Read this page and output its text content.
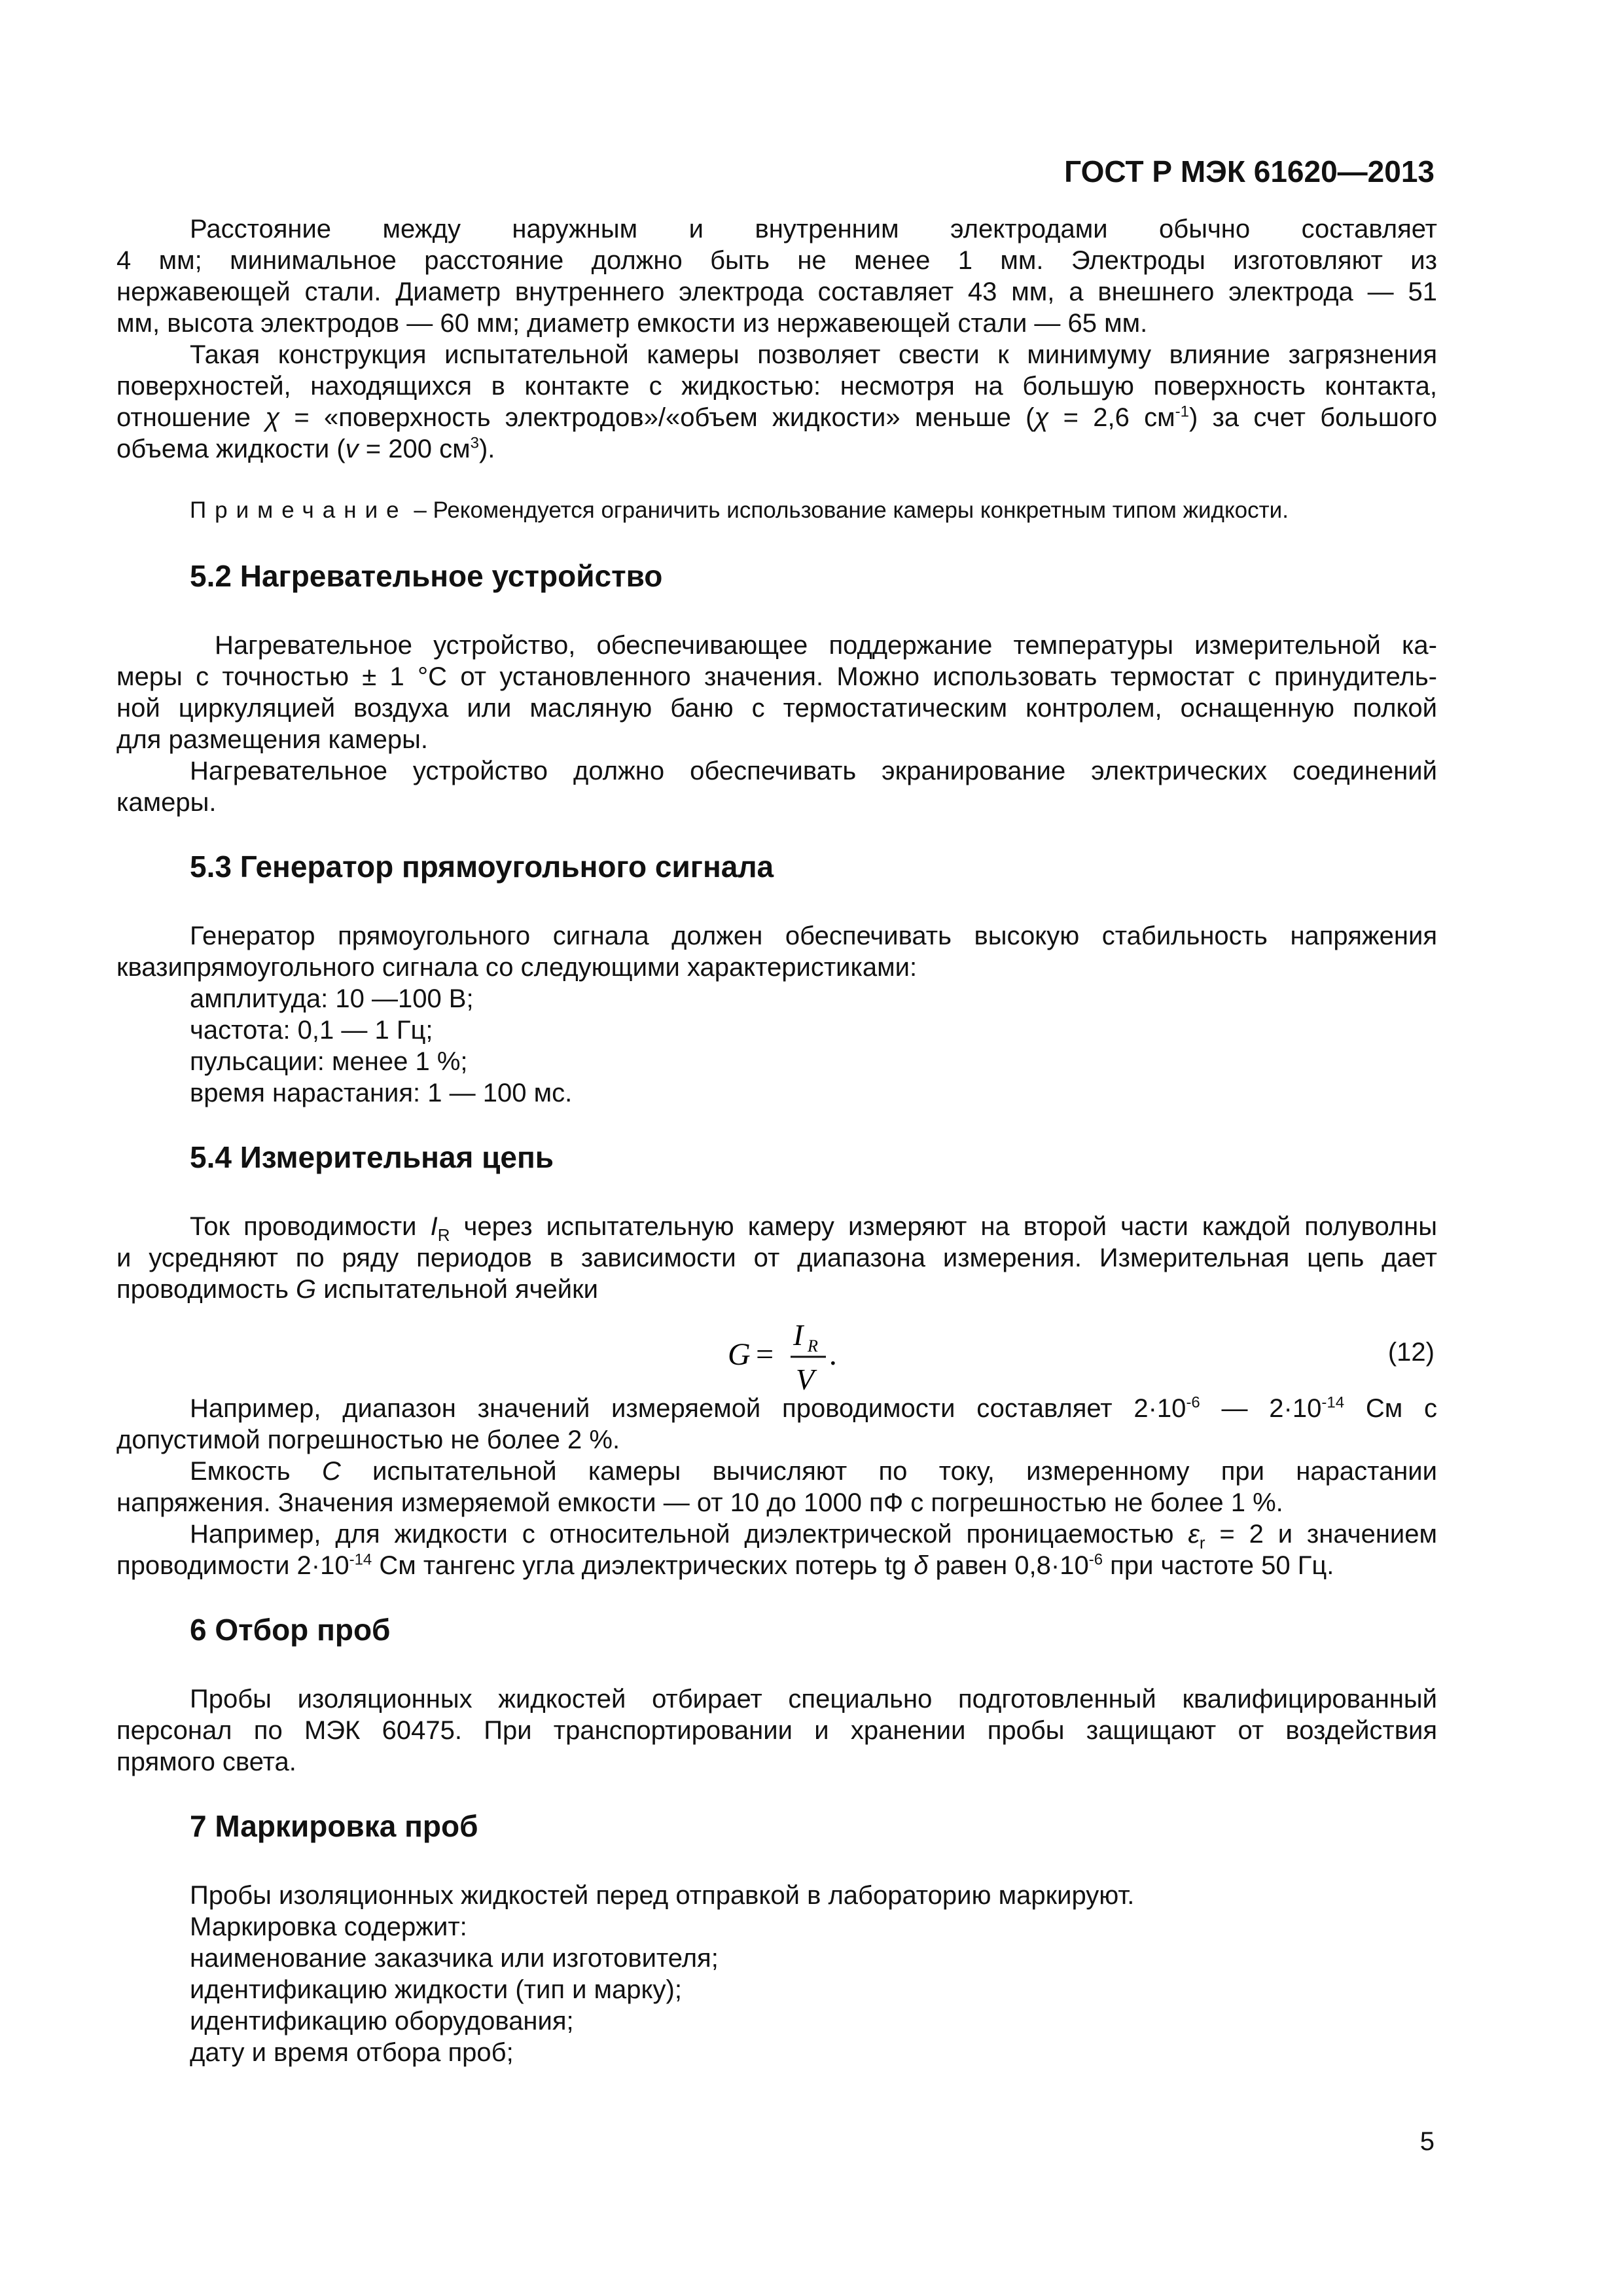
ГОСТ Р МЭК 61620—2013
Расстояние между наружным и внутренним электродами обычно составляет
4 мм; минимальное расстояние должно быть не менее 1 мм. Электроды изготовляют из
нержавеющей стали. Диаметр внутреннего электрода составляет 43 мм, а внешнего электрода — 51
мм, высота электродов — 60 мм; диаметр емкости из нержавеющей стали — 65 мм.
Такая конструкция испытательной камеры позволяет свести к минимуму влияние загрязнения
поверхностей, находящихся в контакте с жидкостью: несмотря на большую поверхность контакта,
отношение χ = «поверхность электродов»/«объем жидкости» меньше (χ = 2,6 $см^{-1}$) за счет большого
объема жидкости (v = 200 $см^3$).
Примечание – Рекомендуется ограничить использование камеры конкретным типом жидкости.
5.2 Нагревательное устройство
Нагревательное устройство, обеспечивающее поддержание температуры измерительной ка-
меры с точностью ± 1 °С от установленного значения. Можно использовать термостат с принудитель-
ной циркуляцией воздуха или масляную баню с термостатическим контролем, оснащенную полкой
для размещения камеры.
Нагревательное устройство должно обеспечивать экранирование электрических соединений
камеры.
5.3 Генератор прямоугольного сигнала
Генератор прямоугольного сигнала должен обеспечивать высокую стабильность напряжения
квазипрямоугольного сигнала со следующими характеристиками:
амплитуда: 10 —100 В;
частота: 0,1 — 1 Гц;
пульсации: менее 1 %;
время нарастания: 1 — 100 мс.
5.4 Измерительная цепь
Ток проводимости $I_R$ через испытательную камеру измеряют на второй части каждой полуволны
и усредняют по ряду периодов в зависимости от диапазона измерения. Измерительная цепь дает
проводимость G испытательной ячейки
G =
I R
V
.	(12)
Например, диапазон значений измеряемой проводимости составляет $2\cdot 10^{-6}$ — $2\cdot 10^{-14}$ См с
допустимой погрешностью не более 2 %.
Емкость С испытательной камеры вычисляют по току, измеренному при нарастании
напряжения. Значения измеряемой емкости — от 10 до 1000 пФ с погрешностью не более 1 %.
Например, для жидкости с относительной диэлектрической проницаемостью $\varepsilon_r = 2$ и значением
проводимости $2\cdot 10^{-14}$ См тангенс угла диэлектрических потерь tg δ равен $0,8\cdot 10^{-6}$ при частоте 50 Гц.
6 Отбор проб
Пробы изоляционных жидкостей отбирает специально подготовленный квалифицированный
персонал по МЭК 60475. При транспортировании и хранении пробы защищают от воздействия
прямого света.
7 Маркировка проб
Пробы изоляционных жидкостей перед отправкой в лабораторию маркируют.
Маркировка содержит:
наименование заказчика или изготовителя;
идентификацию жидкости (тип и марку);
идентификацию оборудования;
дату и время отбора проб;
5
